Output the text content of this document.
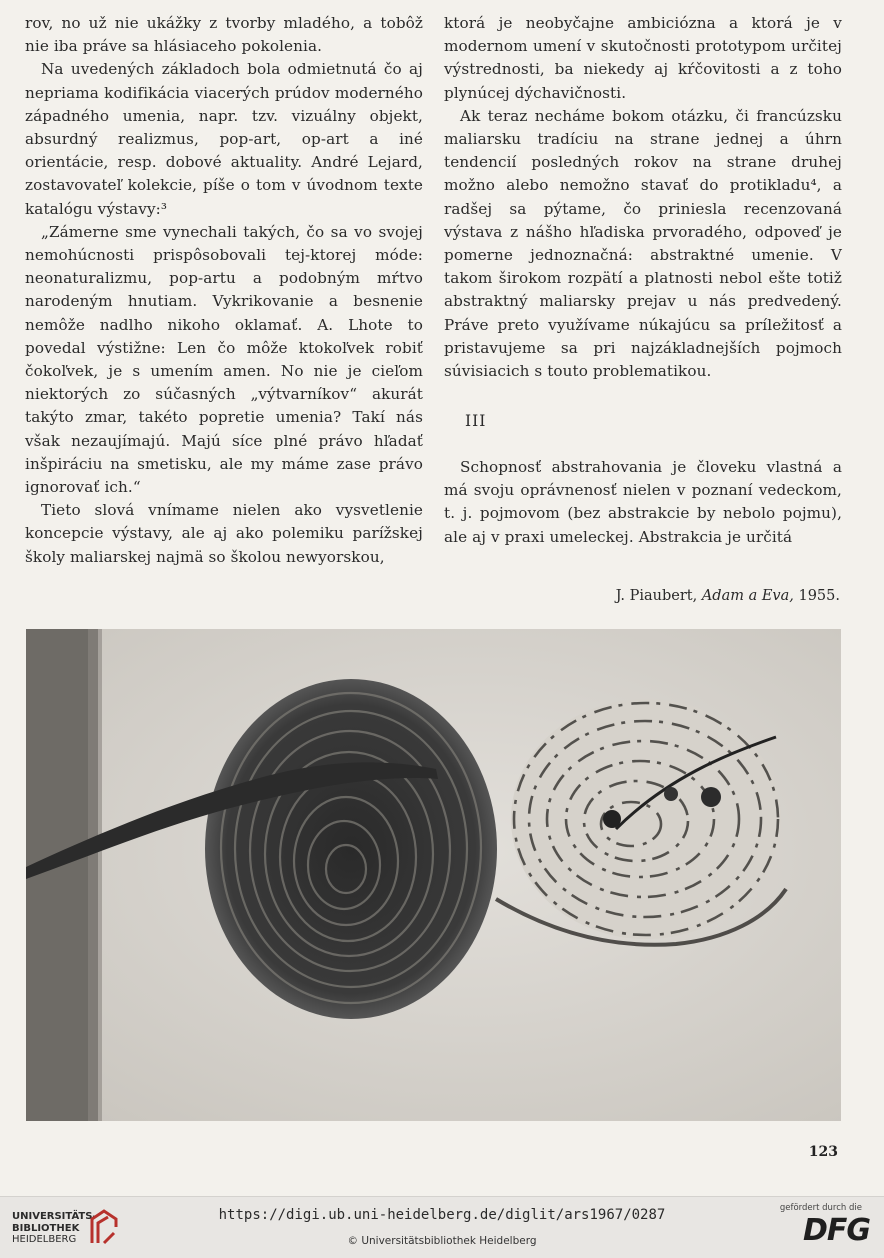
rov, no už nie ukážky z tvorby mladého, a tobôž nie iba práve sa hlásiaceho pokolenia.

Na uvedených základoch bola odmietnutá čo aj nepriama kodifikácia viacerých prúdov moderného západného umenia, napr. tzv. vizuálny objekt, absurdný realizmus, pop-art, op-art a iné orientácie, resp. dobové aktuality. André Lejard, zostavovateľ kolekcie, píše o tom v úvodnom texte katalógu výstavy:³

„Zámerne sme vynechali takých, čo sa vo svojej nemohúcnosti prispôsobovali tej-ktorej móde: neonaturalizmu, pop-artu a podobným mŕtvo narodeným hnutiam. Vykrikovanie a besnenie nemôže nadlho nikoho oklamať. A. Lhote to povedal výstižne: Len čo môže ktokoľvek robiť čokoľvek, je s umením amen. No nie je cieľom niektorých zo súčasných „výtvarníkov“ akurát takýto zmar, takéto popretie umenia? Takí nás však nezaujímajú. Majú síce plné právo hľadať inšpiráciu na smetisku, ale my máme zase právo ignorovať ich.“

Tieto slová vnímame nielen ako vysvetlenie koncepcie výstavy, ale aj ako polemiku parížskej školy maliarskej najmä so školou newyorskou,

ktorá je neobyčajne ambiciózna a ktorá je v modernom umení v skutočnosti prototypom určitej výstrednosti, ba niekedy aj kŕčovitosti a z toho plynúcej dýchavičnosti.

Ak teraz necháme bokom otázku, či francúzsku maliarsku tradíciu na strane jednej a úhrn tendencií posledných rokov na strane druhej možno alebo nemožno stavať do protikladu⁴, a radšej sa pýtame, čo priniesla recenzovaná výstava z nášho hľadiska prvoradého, odpoveď je pomerne jednoznačná: abstraktné umenie. V takom širokom rozpätí a platnosti nebol ešte totiž abstraktný maliarsky prejav u nás predvedený. Práve preto využívame núkajúcu sa príležitosť a pristavujeme sa pri najzákladnejších pojmoch súvisiacich s touto problematikou.

III

Schopnosť abstrahovania je človeku vlastná a má svoju oprávnenosť nielen v poznaní vedeckom, t. j. pojmovom (bez abstrakcie by nebolo pojmu), ale aj v praxi umeleckej. Abstrakcia je určitá

J. Piaubert, Adam a Eva, 1955.
123
UNIVERSITÄTS-
BIBLIOTHEK
HEIDELBERG
https://digi.ub.uni-heidelberg.de/diglit/ars1967/0287
© Universitätsbibliothek Heidelberg
gefördert durch die
DFG
